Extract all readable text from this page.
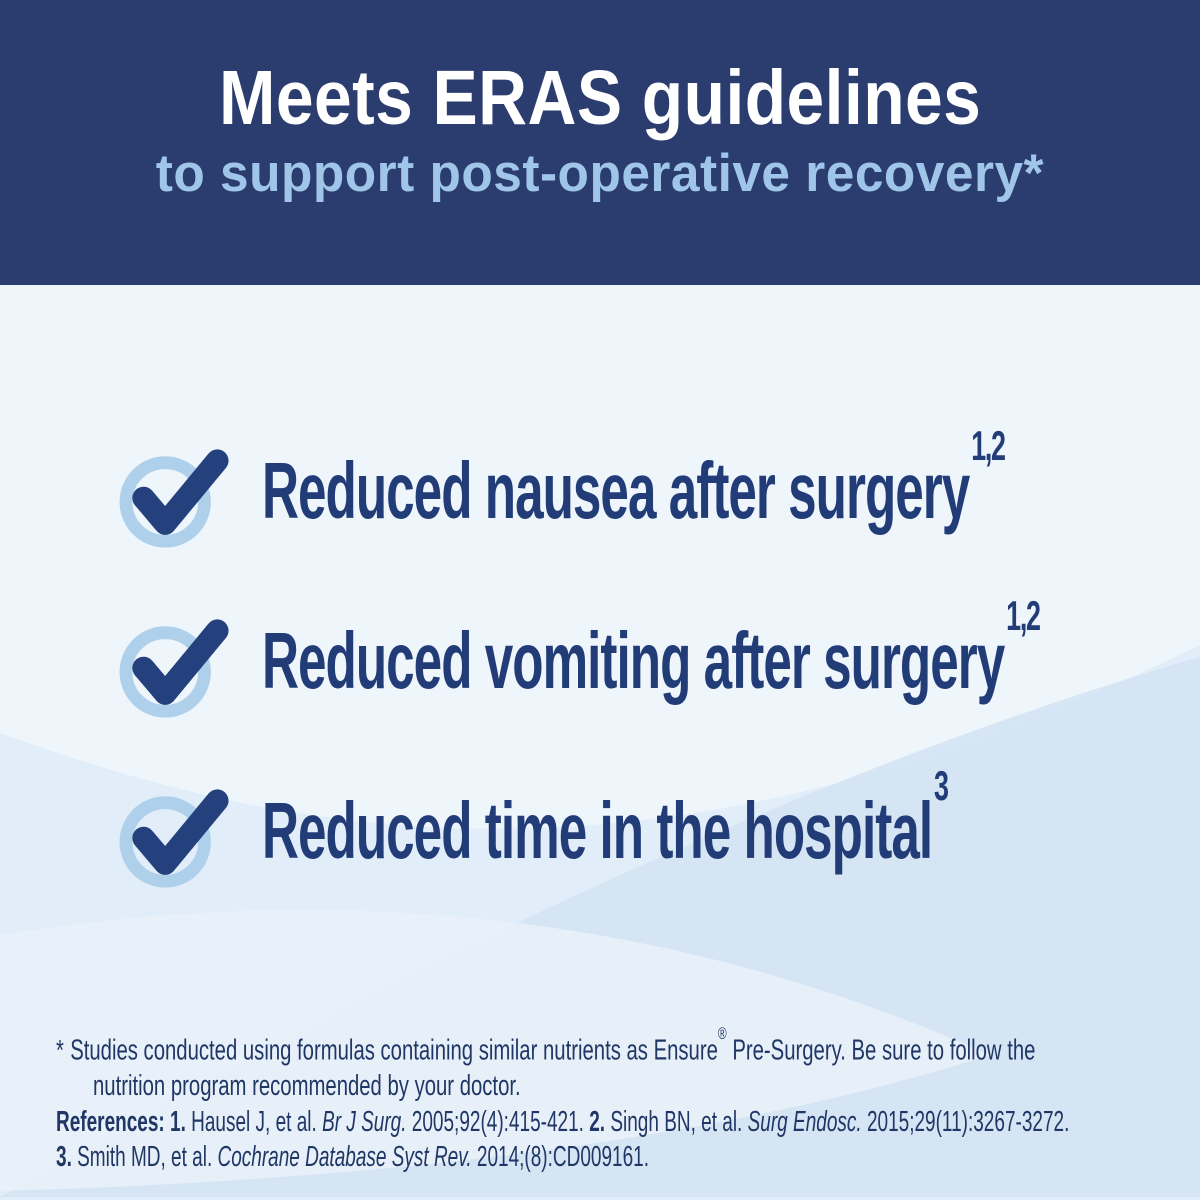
Meets ERAS guidelines

to support post-operative recovery*

Reduced nausea after surgery$^{1,2}$
Reduced vomiting after surgery$^{1,2}$
Reduced time in the hospital$^3$
* Studies conducted using formulas containing similar nutrients as Ensure® Pre-Surgery. Be sure to follow the
nutrition program recommended by your doctor.
References: 1. Hausel J, et al. Br J Surg. 2005;92(4):415-421. 2. Singh BN, et al. Surg Endosc. 2015;29(11):3267-3272.
3. Smith MD, et al. Cochrane Database Syst Rev. 2014;(8):CD009161.
